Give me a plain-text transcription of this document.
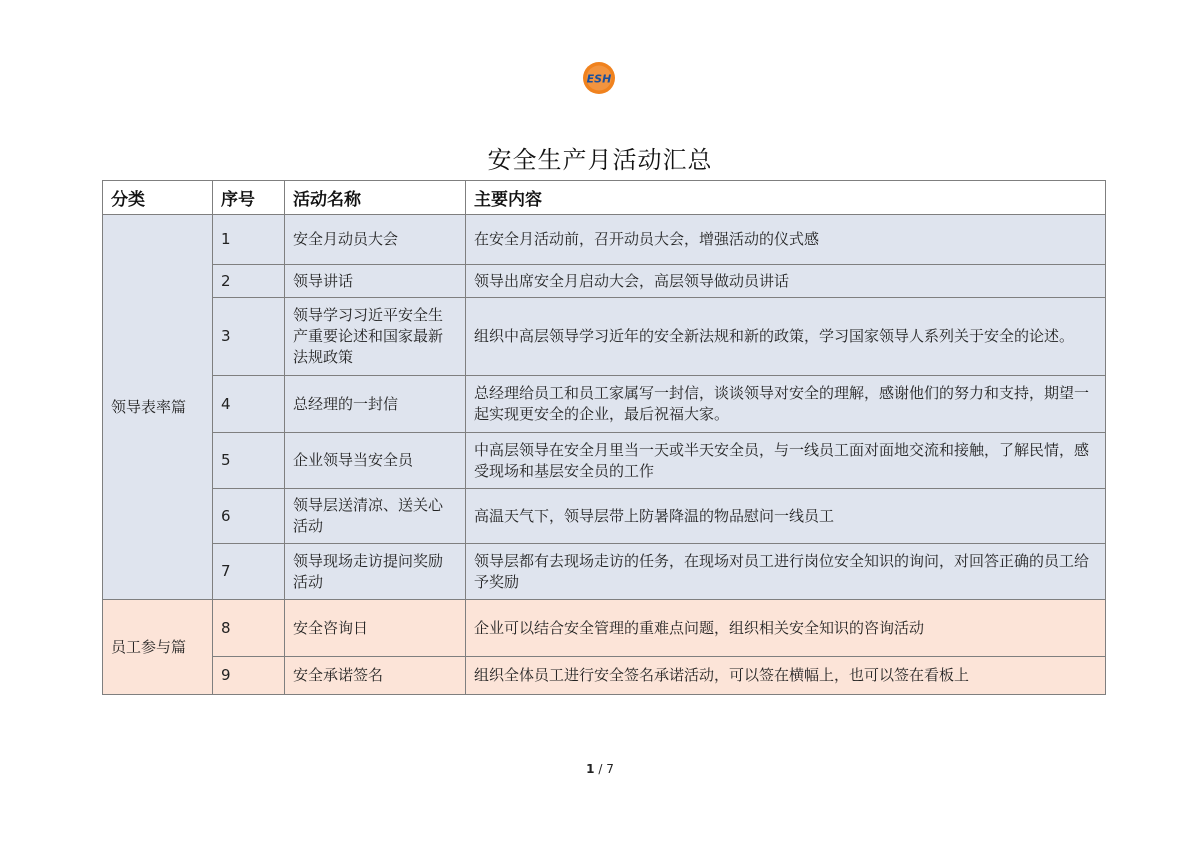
ESH
安全生产月活动汇总
分类	序号	活动名称	主要内容
领导表率篇	1	安全月动员大会	在安全月活动前，召开动员大会，增强活动的仪式感
	2	领导讲话	领导出席安全月启动大会，高层领导做动员讲话
	3	领导学习习近平安全生产重要论述和国家最新法规政策	组织中高层领导学习近年的安全新法规和新的政策，学习国家领导人系列关于安全的论述。
	4	总经理的一封信	总经理给员工和员工家属写一封信，谈谈领导对安全的理解，感谢他们的努力和支持，期望一起实现更安全的企业，最后祝福大家。
	5	企业领导当安全员	中高层领导在安全月里当一天或半天安全员，与一线员工面对面地交流和接触，了解民情，感受现场和基层安全员的工作
	6	领导层送清凉、送关心活动	高温天气下，领导层带上防暑降温的物品慰问一线员工
	7	领导现场走访提问奖励活动	领导层都有去现场走访的任务，在现场对员工进行岗位安全知识的询问，对回答正确的员工给予奖励
员工参与篇	8	安全咨询日	企业可以结合安全管理的重难点问题，组织相关安全知识的咨询活动
	9	安全承诺签名	组织全体员工进行安全签名承诺活动，可以签在横幅上，也可以签在看板上
1 / 7
